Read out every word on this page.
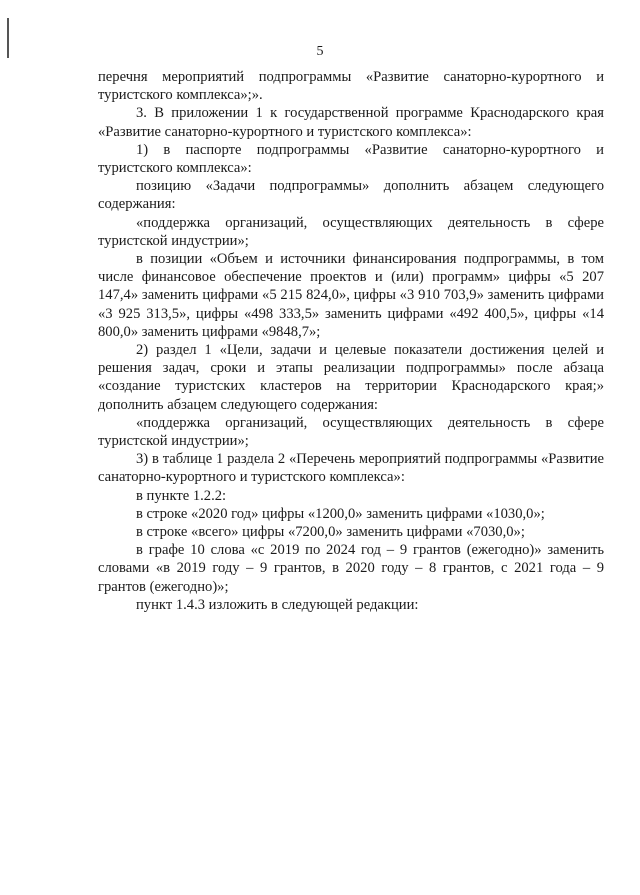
5

перечня мероприятий подпрограммы «Развитие санаторно-курортного и туристского комплекса»;».

3. В приложении 1 к государственной программе Краснодарского края «Развитие санаторно-курортного и туристского комплекса»:

1) в паспорте подпрограммы «Развитие санаторно-курортного и туристского комплекса»:

позицию «Задачи подпрограммы» дополнить абзацем следующего содержания:

«поддержка организаций, осуществляющих деятельность в сфере туристской индустрии»;

в позиции «Объем и источники финансирования подпрограммы, в том числе финансовое обеспечение проектов и (или) программ» цифры «5 207 147,4» заменить цифрами «5 215 824,0», цифры «3 910 703,9» заменить цифрами «3 925 313,5», цифры «498 333,5» заменить цифрами «492 400,5», цифры «14 800,0» заменить цифрами «9848,7»;

2) раздел 1 «Цели, задачи и целевые показатели достижения целей и решения задач, сроки и этапы реализации подпрограммы» после абзаца «создание туристских кластеров на территории Краснодарского края;» дополнить абзацем следующего содержания:

«поддержка организаций, осуществляющих деятельность в сфере туристской индустрии»;

3) в таблице 1 раздела 2 «Перечень мероприятий подпрограммы «Развитие санаторно-курортного и туристского комплекса»:

в пункте 1.2.2:

в строке «2020 год» цифры «1200,0» заменить цифрами «1030,0»;

в строке «всего» цифры «7200,0» заменить цифрами «7030,0»;

в графе 10 слова «с 2019 по 2024 год – 9 грантов (ежегодно)» заменить словами «в 2019 году – 9 грантов, в 2020 году – 8 грантов, с 2021 года – 9 грантов (ежегодно)»;

пункт 1.4.3 изложить в следующей редакции:
